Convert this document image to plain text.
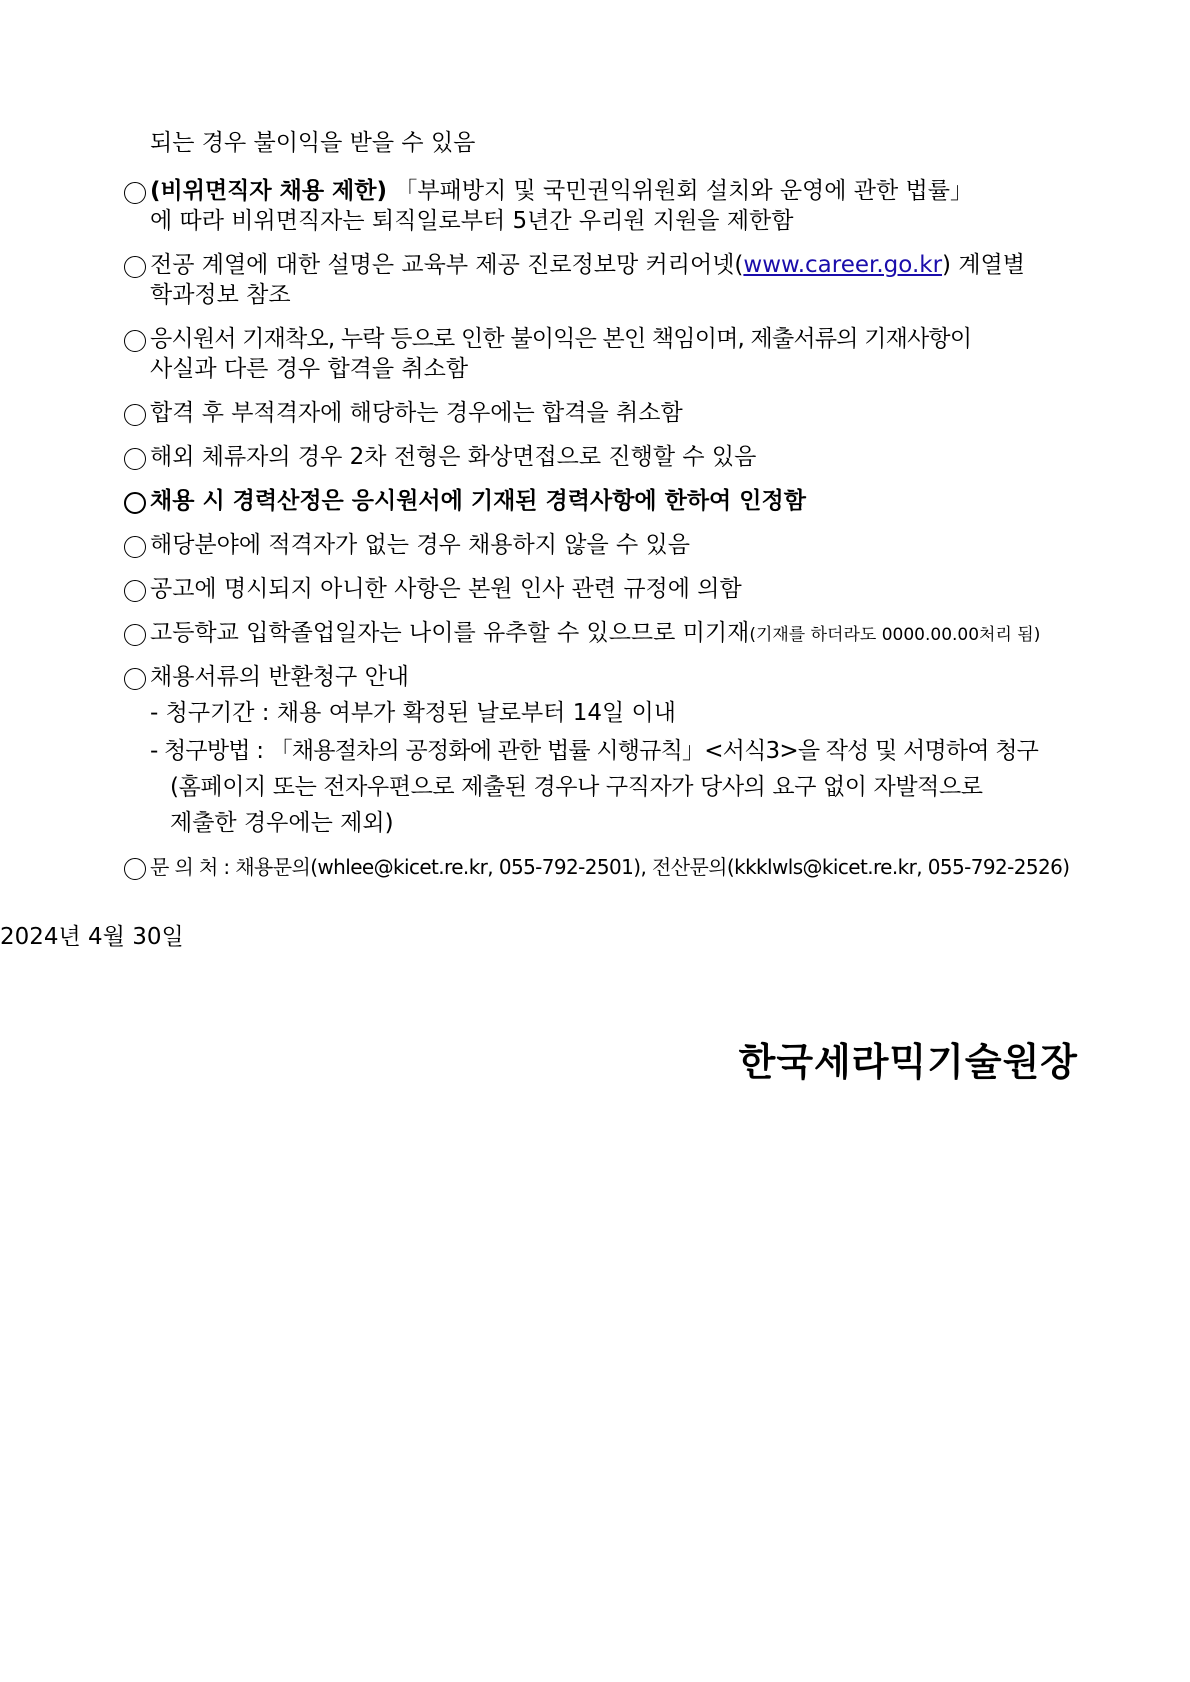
되는 경우 불이익을 받을 수 있음
(비위면직자 채용 제한) 「부패방지 및 국민권익위원회 설치와 운영에 관한 법률」
에 따라 비위면직자는 퇴직일로부터 5년간 우리원 지원을 제한함
전공 계열에 대한 설명은 교육부 제공 진로정보망 커리어넷(www.career.go.kr) 계열별
학과정보 참조
응시원서 기재착오, 누락 등으로 인한 불이익은 본인 책임이며, 제출서류의 기재사항이
사실과 다른 경우 합격을 취소함
합격 후 부적격자에 해당하는 경우에는 합격을 취소함
해외 체류자의 경우 2차 전형은 화상면접으로 진행할 수 있음
채용 시 경력산정은 응시원서에 기재된 경력사항에 한하여 인정함
해당분야에 적격자가 없는 경우 채용하지 않을 수 있음
공고에 명시되지 아니한 사항은 본원 인사 관련 규정에 의함
고등학교 입학졸업일자는 나이를 유추할 수 있으므로 미기재(기재를 하더라도 0000.00.00처리 됨)
채용서류의 반환청구 안내
- 청구기간 : 채용 여부가 확정된 날로부터 14일 이내
- 청구방법 : 「채용절차의 공정화에 관한 법률 시행규칙」<서식3>을 작성 및 서명하여 청구
(홈페이지 또는 전자우편으로 제출된 경우나 구직자가 당사의 요구 없이 자발적으로
제출한 경우에는 제외)
문 의 처 : 채용문의(whlee@kicet.re.kr, 055-792-2501), 전산문의(kkklwls@kicet.re.kr, 055-792-2526)
2024년 4월 30일
한국세라믹기술원장
